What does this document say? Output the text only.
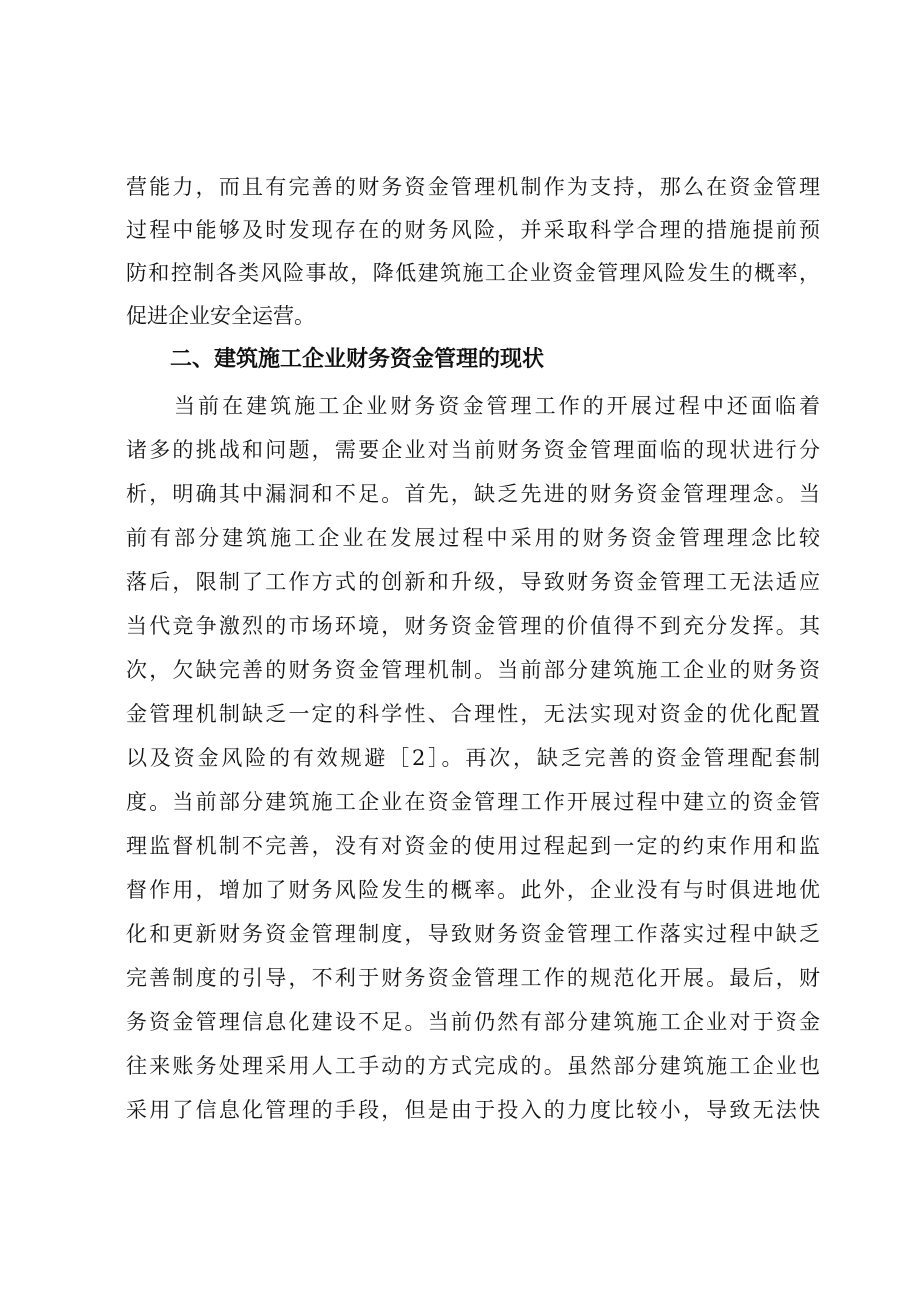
营能力，而且有完善的财务资金管理机制作为支持，那么在资金管理
过程中能够及时发现存在的财务风险，并采取科学合理的措施提前预
防和控制各类风险事故，降低建筑施工企业资金管理风险发生的概率，
促进企业安全运营。
二、建筑施工企业财务资金管理的现状
当前在建筑施工企业财务资金管理工作的开展过程中还面临着
诸多的挑战和问题，需要企业对当前财务资金管理面临的现状进行分
析，明确其中漏洞和不足。首先，缺乏先进的财务资金管理理念。当
前有部分建筑施工企业在发展过程中采用的财务资金管理理念比较
落后，限制了工作方式的创新和升级，导致财务资金管理工无法适应
当代竞争激烈的市场环境，财务资金管理的价值得不到充分发挥。其
次，欠缺完善的财务资金管理机制。当前部分建筑施工企业的财务资
金管理机制缺乏一定的科学性、合理性，无法实现对资金的优化配置
以及资金风险的有效规避［2］。再次，缺乏完善的资金管理配套制
度。当前部分建筑施工企业在资金管理工作开展过程中建立的资金管
理监督机制不完善，没有对资金的使用过程起到一定的约束作用和监
督作用，增加了财务风险发生的概率。此外，企业没有与时俱进地优
化和更新财务资金管理制度，导致财务资金管理工作落实过程中缺乏
完善制度的引导，不利于财务资金管理工作的规范化开展。最后，财
务资金管理信息化建设不足。当前仍然有部分建筑施工企业对于资金
往来账务处理采用人工手动的方式完成的。虽然部分建筑施工企业也
采用了信息化管理的手段，但是由于投入的力度比较小，导致无法快
